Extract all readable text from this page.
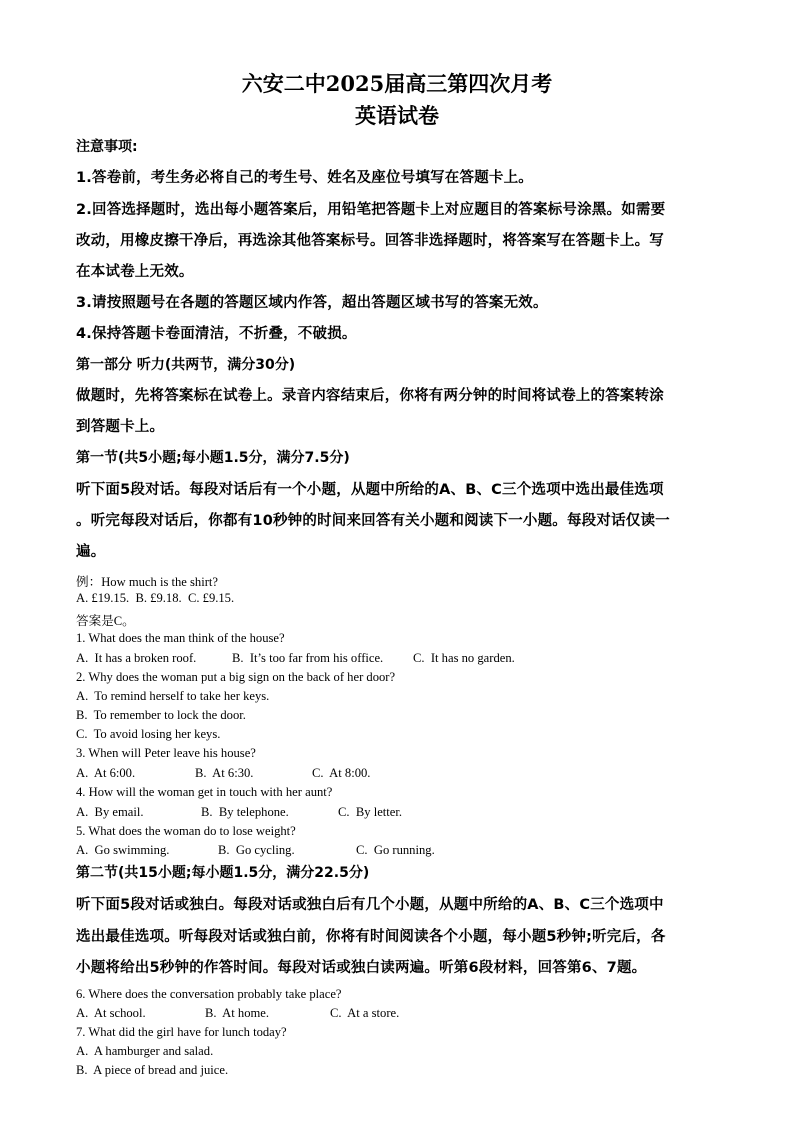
六安二中2025届高三第四次月考
英语试卷
注意事项:
1.答卷前，考生务必将自己的考生号、姓名及座位号填写在答题卡上。
2.回答选择题时，选出每小题答案后，用铅笔把答题卡上对应题目的答案标号涂黑。如需要
改动，用橡皮擦干净后，再选涂其他答案标号。回答非选择题时，将答案写在答题卡上。写
在本试卷上无效。
3.请按照题号在各题的答题区域内作答，超出答题区域书写的答案无效。
4.保持答题卡卷面清洁，不折叠，不破损。
第一部分 听力(共两节，满分30分)
做题时，先将答案标在试卷上。录音内容结束后，你将有两分钟的时间将试卷上的答案转涂
到答题卡上。
第一节(共5小题;每小题1.5分，满分7.5分)
听下面5段对话。每段对话后有一个小题，从题中所给的A、B、C三个选项中选出最佳选项
。听完每段对话后，你都有10秒钟的时间来回答有关小题和阅读下一小题。每段对话仅读一
遍。
例：How much is the shirt?
A. £19.15.  B. £9.18.  C. £9.15.
答案是C。
1. What does the man think of the house?
A.  It has a broken roof.	B.  It’s too far from his office. C.  It has no garden.
2. Why does the woman put a big sign on the back of her door?
A.  To remind herself to take her keys.
B.  To remember to lock the door.
C.  To avoid losing her keys.
3. When will Peter leave his house?
A.  At 6:00.	B.  At 6:30.	C.  At 8:00.
4. How will the woman get in touch with her aunt?
A.  By email.	B.  By telephone.	C.  By letter.
5. What does the woman do to lose weight?
A.  Go swimming.	B.  Go cycling.	C.  Go running.
第二节(共15小题;每小题1.5分，满分22.5分)
听下面5段对话或独白。每段对话或独白后有几个小题，从题中所给的A、B、C三个选项中
选出最佳选项。听每段对话或独白前，你将有时间阅读各个小题，每小题5秒钟;听完后，各
小题将给出5秒钟的作答时间。每段对话或独白读两遍。听第6段材料，回答第6、7题。
6. Where does the conversation probably take place?
A.  At school.	B.  At home.	C.  At a store.
7. What did the girl have for lunch today?
A.  A hamburger and salad.
B.  A piece of bread and juice.
